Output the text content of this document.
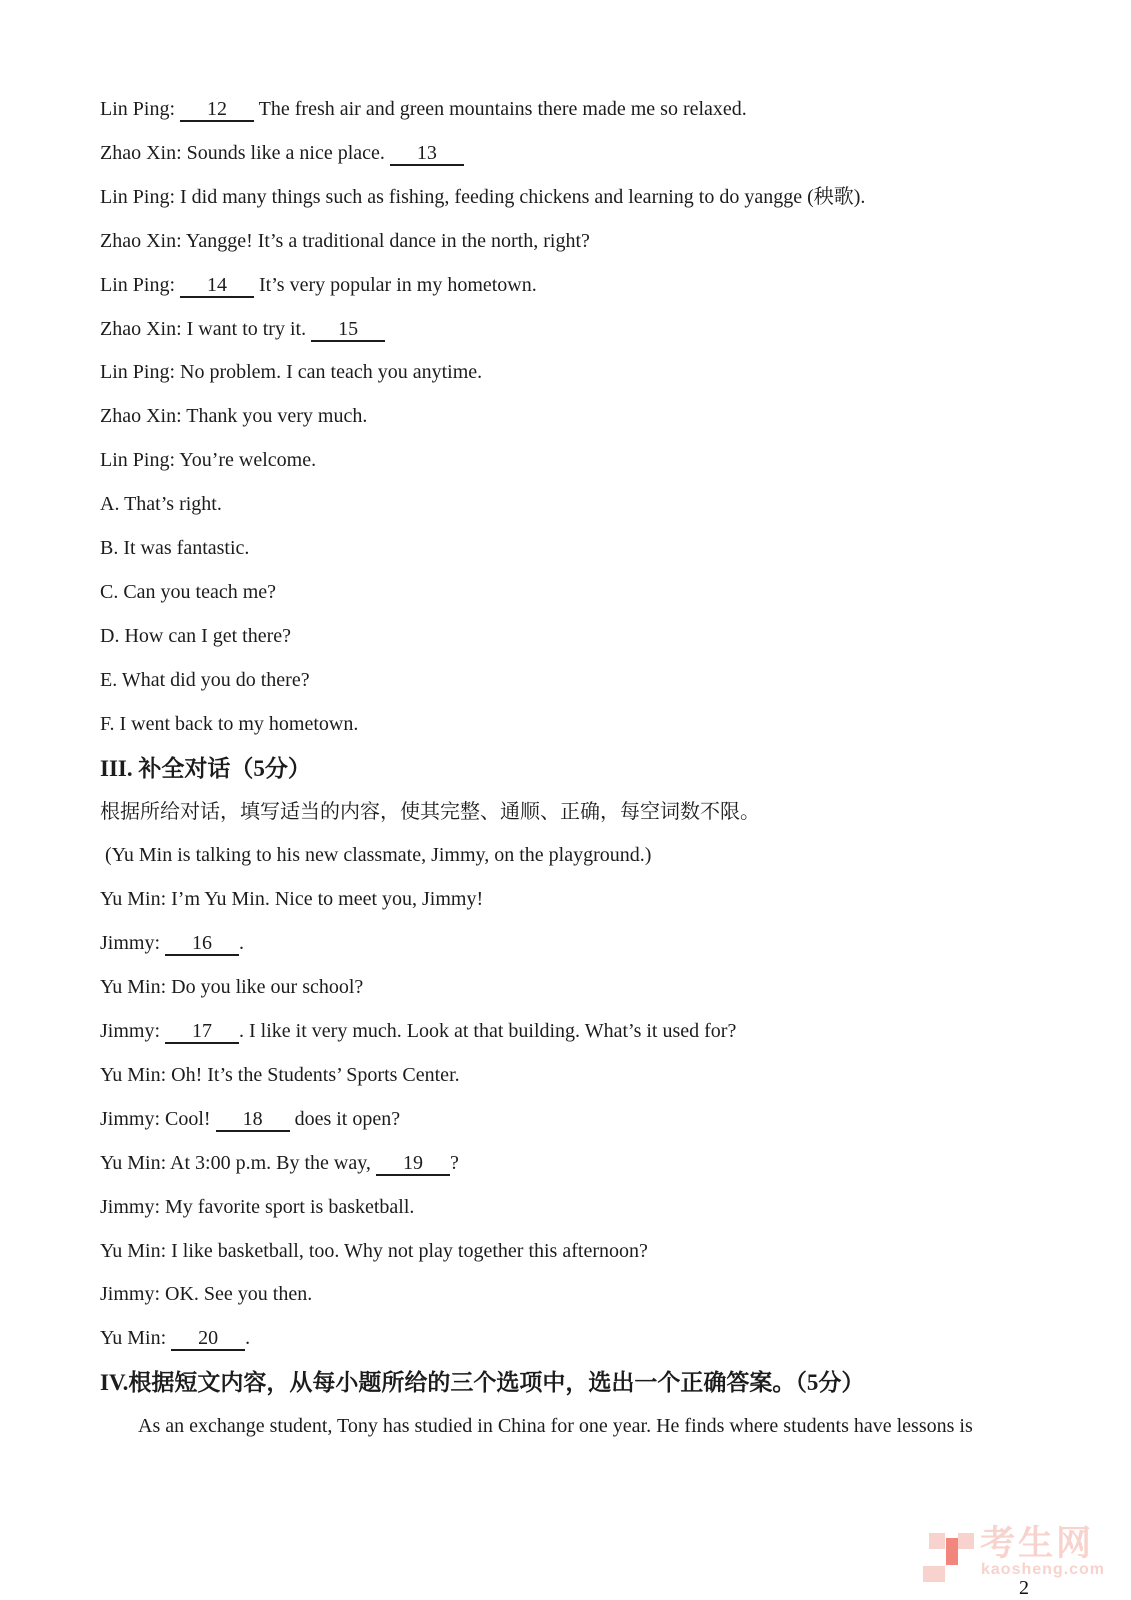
Lin Ping: 12 The fresh air and green mountains there made me so relaxed.

Zhao Xin: Sounds like a nice place. 13

Lin Ping: I did many things such as fishing, feeding chickens and learning to do yangge (秧歌).

Zhao Xin: Yangge! It’s a traditional dance in the north, right?

Lin Ping: 14 It’s very popular in my hometown.

Zhao Xin: I want to try it. 15

Lin Ping: No problem. I can teach you anytime.

Zhao Xin: Thank you very much.

Lin Ping: You’re welcome.

A. That’s right.

B. It was fantastic.

C. Can you teach me?

D. How can I get there?

E. What did you do there?

F. I went back to my hometown.

III. 补全对话（5分）

根据所给对话，填写适当的内容，使其完整、通顺、正确，每空词数不限。

(Yu Min is talking to his new classmate, Jimmy, on the playground.)

Yu Min: I’m Yu Min. Nice to meet you, Jimmy!

Jimmy: 16 .

Yu Min: Do you like our school?

Jimmy: 17 . I like it very much. Look at that building. What’s it used for?

Yu Min: Oh! It’s the Students’ Sports Center.

Jimmy: Cool! 18 does it open?

Yu Min: At 3:00 p.m. By the way, 19 ?

Jimmy: My favorite sport is basketball.

Yu Min: I like basketball, too. Why not play together this afternoon?

Jimmy: OK. See you then.

Yu Min: 20 .

IV.根据短文内容，从每小题所给的三个选项中，选出一个正确答案。（5分）

As an exchange student, Tony has studied in China for one year. He finds where students have lessons is

考生网
kaosheng.com
2
